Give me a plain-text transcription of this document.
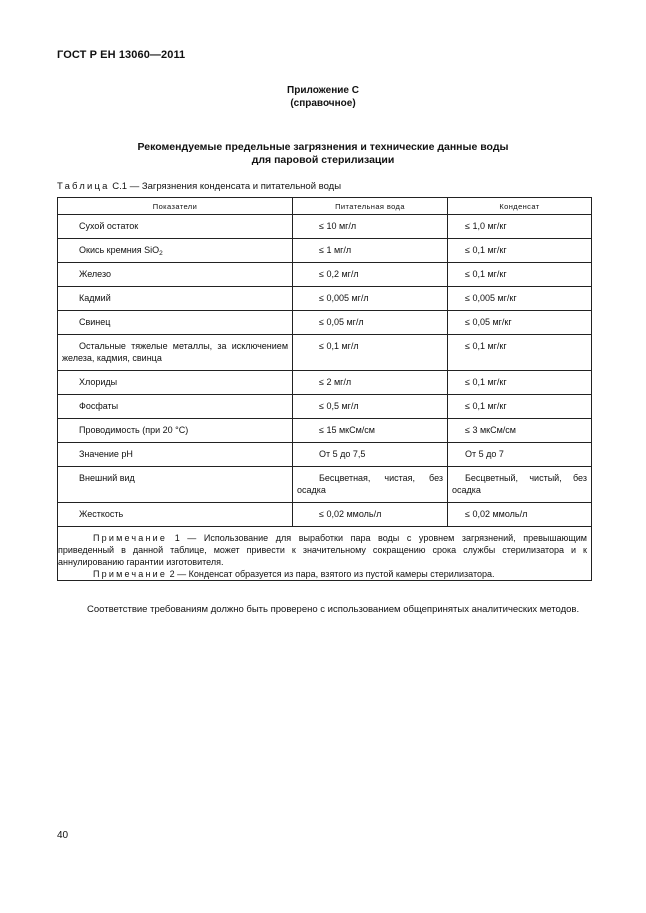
ГОСТ Р ЕН 13060—2011
Приложение C
(справочное)
Рекомендуемые предельные загрязнения и технические данные воды
для паровой стерилизации
Таблица C.1 — Загрязнения конденсата и питательной воды
Показатели	Питательная вода	Конденсат
Сухой остаток	≤ 10 мг/л	≤ 1,0 мг/кг
Окись кремния SiO$_2$	≤ 1 мг/л	≤ 0,1 мг/кг
Железо	≤ 0,2 мг/л	≤ 0,1 мг/кг
Кадмий	≤ 0,005 мг/л	≤ 0,005 мг/кг
Свинец	≤ 0,05 мг/л	≤ 0,05 мг/кг
Остальные тяжелые металлы, за исключением железа, кадмия, свинца	≤ 0,1 мг/л	≤ 0,1 мг/кг
Хлориды	≤ 2 мг/л	≤ 0,1 мг/кг
Фосфаты	≤ 0,5 мг/л	≤ 0,1 мг/кг
Проводимость (при 20 °C)	≤ 15 мкСм/см	≤ 3 мкСм/см
Значение pH	От 5 до 7,5	От 5 до 7
Внешний вид	Бесцветная, чистая, без осадка	Бесцветный, чистый, без осадка
Жесткость	≤ 0,02 ммоль/л	≤ 0,02 ммоль/л

Примечание 1 — Использование для выработки пара воды с уровнем загрязнений, превышающим приведенный в данной таблице, может привести к значительному сокращению срока службы стерилизатора и к аннулированию гарантии изготовителя.
Примечание 2 — Конденсат образуется из пара, взятого из пустой камеры стерилизатора.		
Соответствие требованиям должно быть проверено с использованием общепринятых аналитических методов.
40
